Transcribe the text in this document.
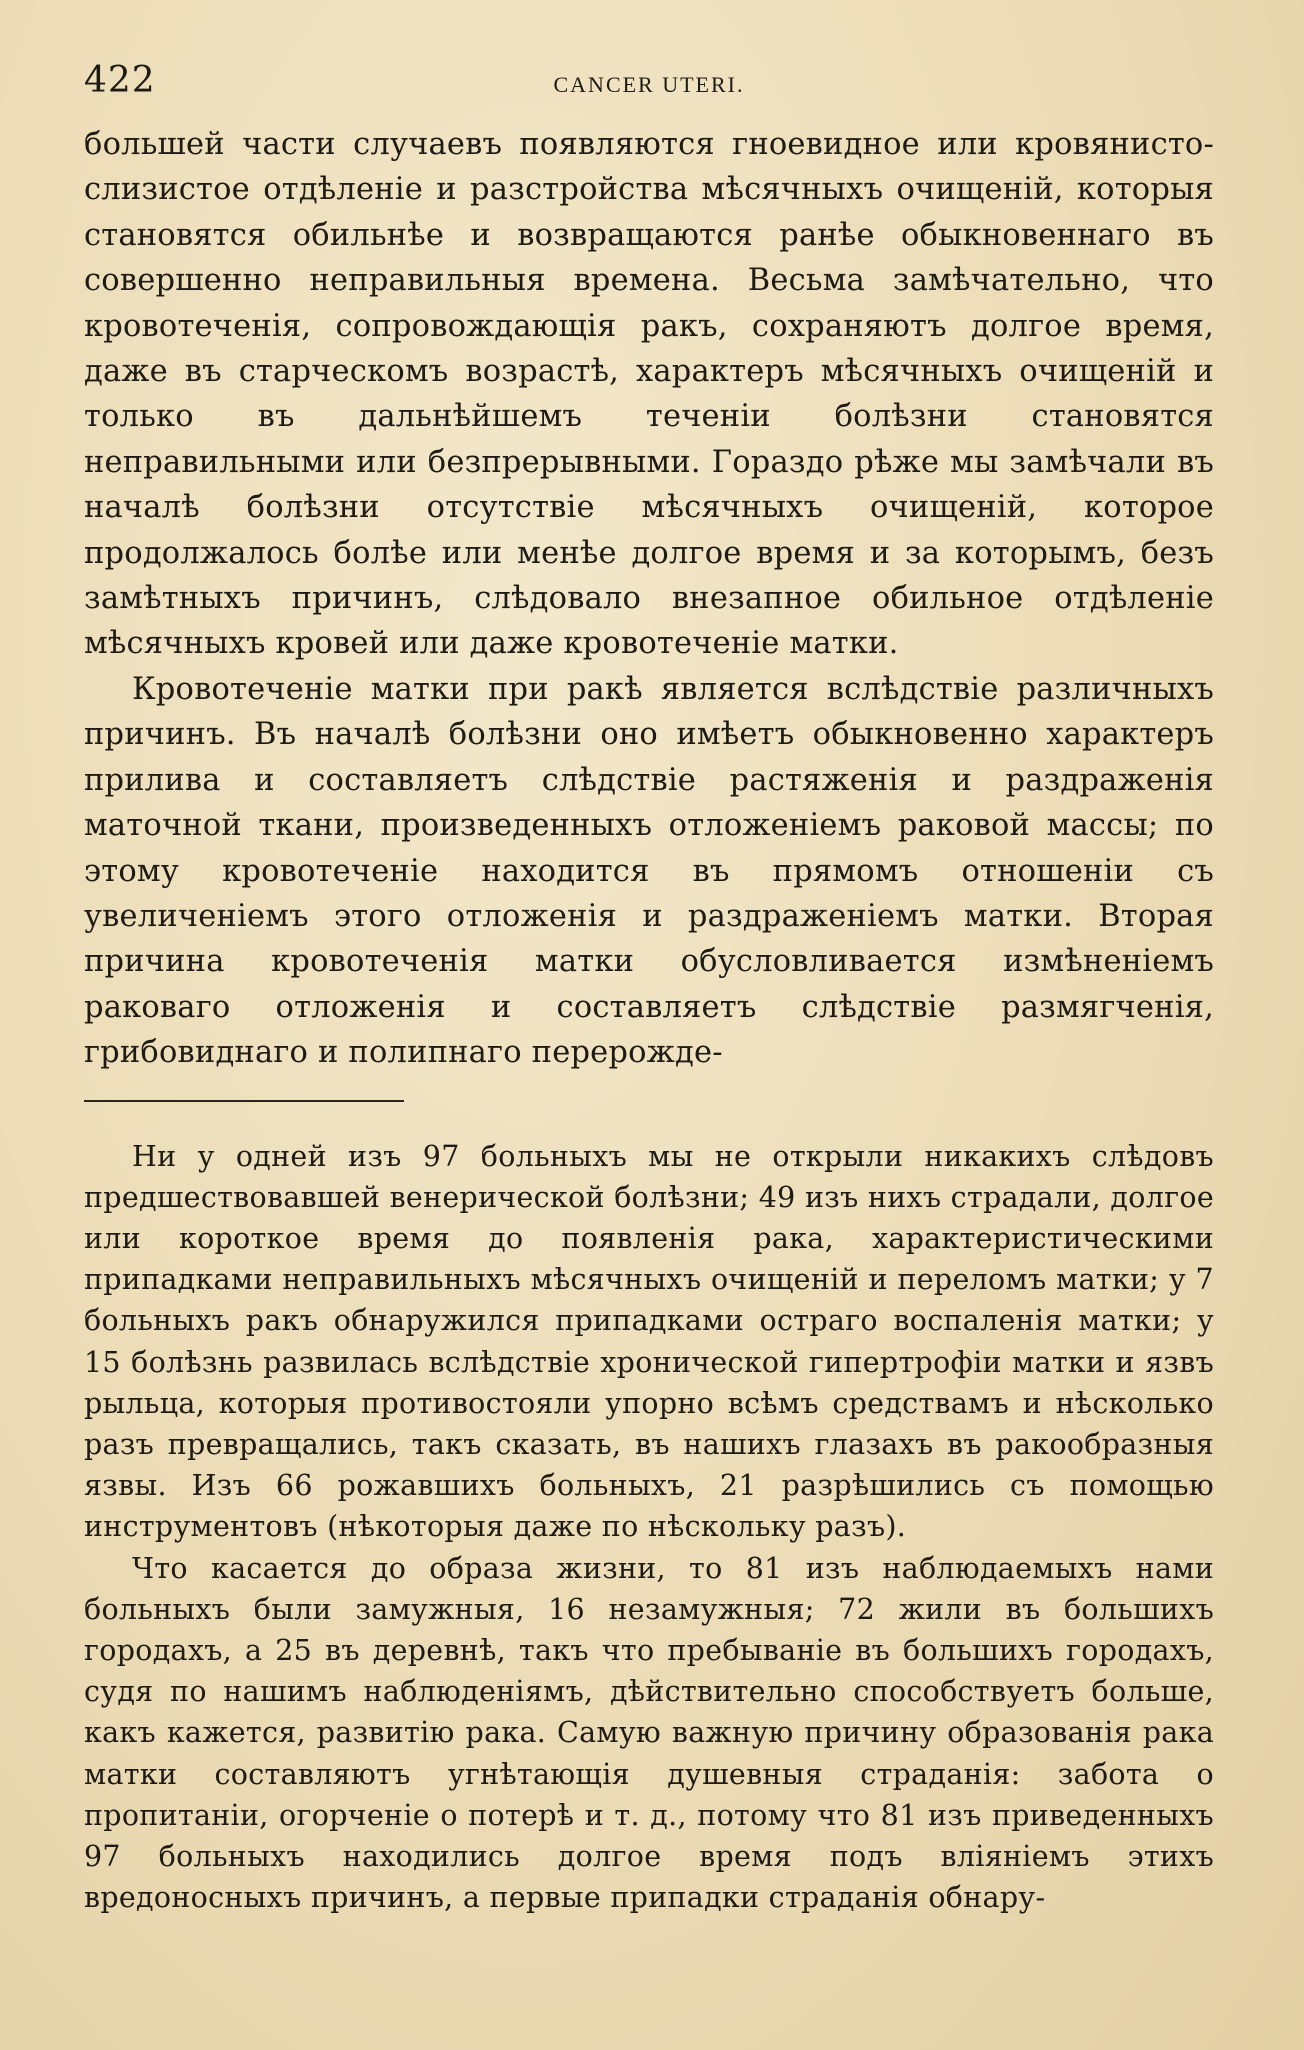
422	CANCER UTERI.

большей части случаевъ появляются гноевидное или кровянисто-слизистое отдѣленіе и разстройства мѣсячныхъ очищеній, которыя становятся обильнѣе и возвращаются ранѣе обыкновеннаго въ совершенно неправильныя времена. Весьма замѣчательно, что кровотеченія, сопровождающія ракъ, сохраняютъ долгое время, даже въ старческомъ возрастѣ, характеръ мѣсячныхъ очищеній и только въ дальнѣйшемъ теченіи болѣзни становятся неправильными или безпрерывными. Гораздо рѣже мы замѣчали въ началѣ болѣзни отсутствіе мѣсячныхъ очищеній, которое продолжалось болѣе или менѣе долгое время и за которымъ, безъ замѣтныхъ причинъ, слѣдовало внезапное обильное отдѣленіе мѣсячныхъ кровей или даже кровотеченіе матки.

Кровотеченіе матки при ракѣ является вслѣдствіе различныхъ причинъ. Въ началѣ болѣзни оно имѣетъ обыкновенно характеръ прилива и составляетъ слѣдствіе растяженія и раздраженія маточной ткани, произведенныхъ отложеніемъ раковой массы; по этому кровотеченіе находится въ прямомъ отношеніи съ увеличеніемъ этого отложенія и раздраженіемъ матки. Вторая причина кровотеченія матки обусловливается измѣненіемъ раковаго отложенія и составляетъ слѣдствіе размягченія, грибовиднаго и полипнаго перерожде-

Ни у одней изъ 97 больныхъ мы не открыли никакихъ слѣдовъ предшествовавшей венерической болѣзни; 49 изъ нихъ страдали, долгое или короткое время до появленія рака, характеристическими припадками неправильныхъ мѣсячныхъ очищеній и переломъ матки; у 7 больныхъ ракъ обнаружился припадками остраго воспаленія матки; у 15 болѣзнь развилась вслѣдствіе хронической гипертрофіи матки и язвъ рыльца, которыя противостояли упорно всѣмъ средствамъ и нѣсколько разъ превращались, такъ сказать, въ нашихъ глазахъ въ ракообразныя язвы. Изъ 66 рожавшихъ больныхъ, 21 разрѣшились съ помощью инструментовъ (нѣкоторыя даже по нѣскольку разъ).

Что касается до образа жизни, то 81 изъ наблюдаемыхъ нами больныхъ были замужныя, 16 незамужныя; 72 жили въ большихъ городахъ, а 25 въ деревнѣ, такъ что пребываніе въ большихъ городахъ, судя по нашимъ наблюденіямъ, дѣйствительно способствуетъ больше, какъ кажется, развитію рака. Самую важную причину образованія рака матки составляютъ угнѣтающія душевныя страданія: забота о пропитаніи, огорченіе о потерѣ и т. д., потому что 81 изъ приведенныхъ 97 больныхъ находились долгое время подъ вліяніемъ этихъ вредоносныхъ причинъ, а первые припадки страданія обнару-
